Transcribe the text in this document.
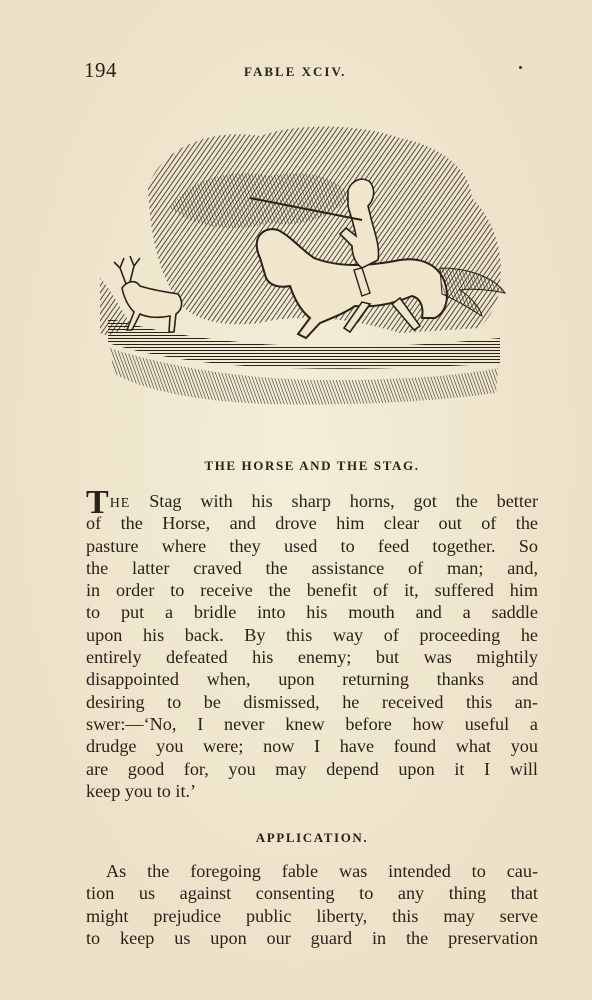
194	FABLE XCIV.
THE HORSE AND THE STAG.
THE Stag with his sharp horns, got the better
of the Horse, and drove him clear out of the
pasture where they used to feed together. So
the latter craved the assistance of man; and,
in order to receive the benefit of it, suffered him
to put a bridle into his mouth and a saddle
upon his back. By this way of proceeding he
entirely defeated his enemy; but was mightily
disappointed when, upon returning thanks and
desiring to be dismissed, he received this an-
swer:—‘No, I never knew before how useful a
drudge you were; now I have found what you
are good for, you may depend upon it I will
keep you to it.’
APPLICATION.
As the foregoing fable was intended to cau-
tion us against consenting to any thing that
might prejudice public liberty, this may serve
to keep us upon our guard in the preservation
